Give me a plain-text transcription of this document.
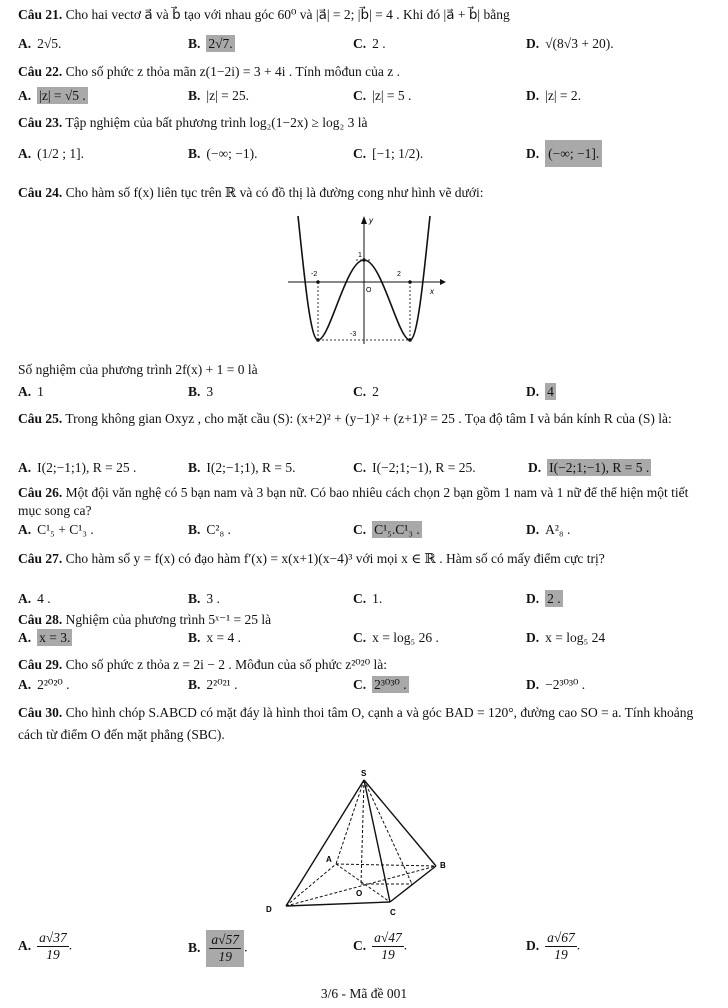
Câu 21. Cho hai vectơ a⃗ và b⃗ tạo với nhau góc 60⁰ và |a⃗| = 2; |b⃗| = 4 . Khi đó |a⃗ + b⃗| bằng
A. 2√5.	B. 2√7.	C. 2 .	D. √(8√3 + 20).
Câu 22. Cho số phức z thỏa mãn z(1−2i) = 3 + 4i . Tính môđun của z .
A. |z| = √5 .	B. |z| = 25.	C. |z| = 5 .	D. |z| = 2.
Câu 23. Tập nghiệm của bất phương trình log₂(1−2x) ≥ log₂ 3 là
A. (1/2 ; 1].	B. (−∞; −1).	C. [−1; 1/2).	D. (−∞; −1].
Câu 24. Cho hàm số f(x) liên tục trên ℝ và có đồ thị là đường cong như hình vẽ dưới:
y
x
1
-2	2
O
-3
Số nghiệm của phương trình 2f(x) + 1 = 0 là
A. 1	B. 3	C. 2	D. 4
Câu 25. Trong không gian Oxyz , cho mặt cầu (S): (x+2)² + (y−1)² + (z+1)² = 25 . Tọa độ tâm I và bán kính R của (S) là:
A. I(2;−1;1), R = 25 .	B. I(2;−1;1), R = 5.	C. I(−2;1;−1), R = 25.	D. I(−2;1;−1), R = 5 .
Câu 26. Một đội văn nghệ có 5 bạn nam và 3 bạn nữ. Có bao nhiêu cách chọn 2 bạn gồm 1 nam và 1 nữ để thể hiện một tiết mục song ca?
A. C¹₅ + C¹₃ .	B. C²₈ .	C. C¹₅.C¹₃ .	D. A²₈ .
Câu 27. Cho hàm số y = f(x) có đạo hàm f′(x) = x(x+1)(x−4)³ với mọi x ∈ ℝ . Hàm số có mấy điểm cực trị?
A. 4 .	B. 3 .	C. 1.	D. 2 .
Câu 28. Nghiệm của phương trình 5ˣ⁻¹ = 25 là
A. x = 3.	B. x = 4 .	C. x = log₅ 26 .	D. x = log₅ 24
Câu 29. Cho số phức z thỏa z = 2i − 2 . Môđun của số phức z²⁰²⁰ là:
A. 2²⁰²⁰ .	B. 2²⁰²¹ .	C. 2³⁰³⁰ .	D. −2³⁰³⁰ .
Câu 30. Cho hình chóp S.ABCD có mặt đáy là hình thoi tâm O, cạnh a và góc BAD = 120°, đường cao SO = a. Tính khoảng cách từ điểm O đến mặt phẳng (SBC).
S
A
B
C
D
O
A. $\frac{a√37}{19}$ .	B. $\frac{a√57}{19}$ .	C. $\frac{a√47}{19}$ .	D. $\frac{a√67}{19}$ .
3/6 - Mã đề 001
